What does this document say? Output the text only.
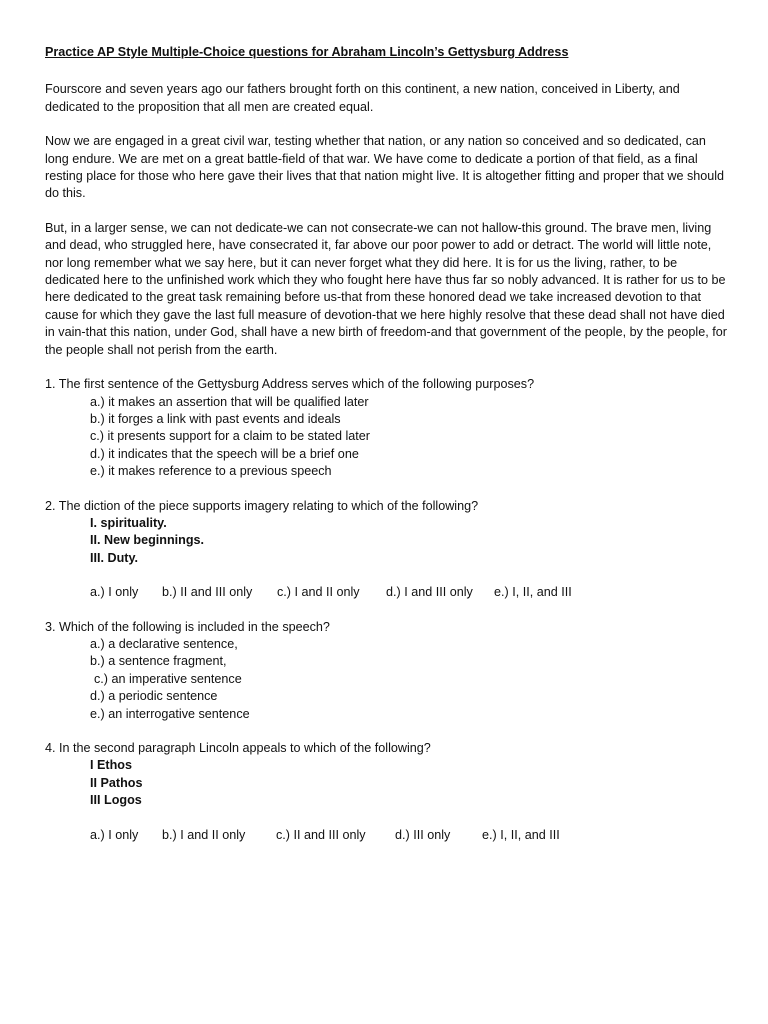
Practice AP Style Multiple-Choice questions for Abraham Lincoln’s Gettysburg Address

Fourscore and seven years ago our fathers brought forth on this continent, a new nation, conceived in Liberty, and dedicated to the proposition that all men are created equal.

Now we are engaged in a great civil war, testing whether that nation, or any nation so conceived and so dedicated, can long endure. We are met on a great battle-field of that war. We have come to dedicate a portion of that field, as a final resting place for those who here gave their lives that that nation might live. It is altogether fitting and proper that we should do this.

But, in a larger sense, we can not dedicate-we can not consecrate-we can not hallow-this ground. The brave men, living and dead, who struggled here, have consecrated it, far above our poor power to add or detract. The world will little note, nor long remember what we say here, but it can never forget what they did here. It is for us the living, rather, to be dedicated here to the unfinished work which they who fought here have thus far so nobly advanced. It is rather for us to be here dedicated to the great task remaining before us-that from these honored dead we take increased devotion to that cause for which they gave the last full measure of devotion-that we here highly resolve that these dead shall not have died in vain-that this nation, under God, shall have a new birth of freedom-and that government of the people, by the people, for the people shall not perish from the earth.

1. The first sentence of the Gettysburg Address serves which of the following purposes?

a.) it makes an assertion that will be qualified later
b.) it forges a link with past events and ideals
c.) it presents support for a claim to be stated later
d.) it indicates that the speech will be a brief one
e.) it makes reference to a previous speech

2. The diction of the piece supports imagery relating to which of the following?

I. spirituality.
II. New beginnings.
III. Duty.
a.) I only	b.) II and III only	c.) I and II only	d.) I and III only	e.) I, II, and III

3. Which of the following is included in the speech?

a.) a declarative sentence,
b.) a sentence fragment,
c.) an imperative sentence
d.) a periodic sentence
e.) an interrogative sentence

4. In the second paragraph Lincoln appeals to which of the following?

I Ethos
II Pathos
III Logos
a.) I only	b.) I and II only	c.) II and III only	d.) III only	e.) I, II, and III
